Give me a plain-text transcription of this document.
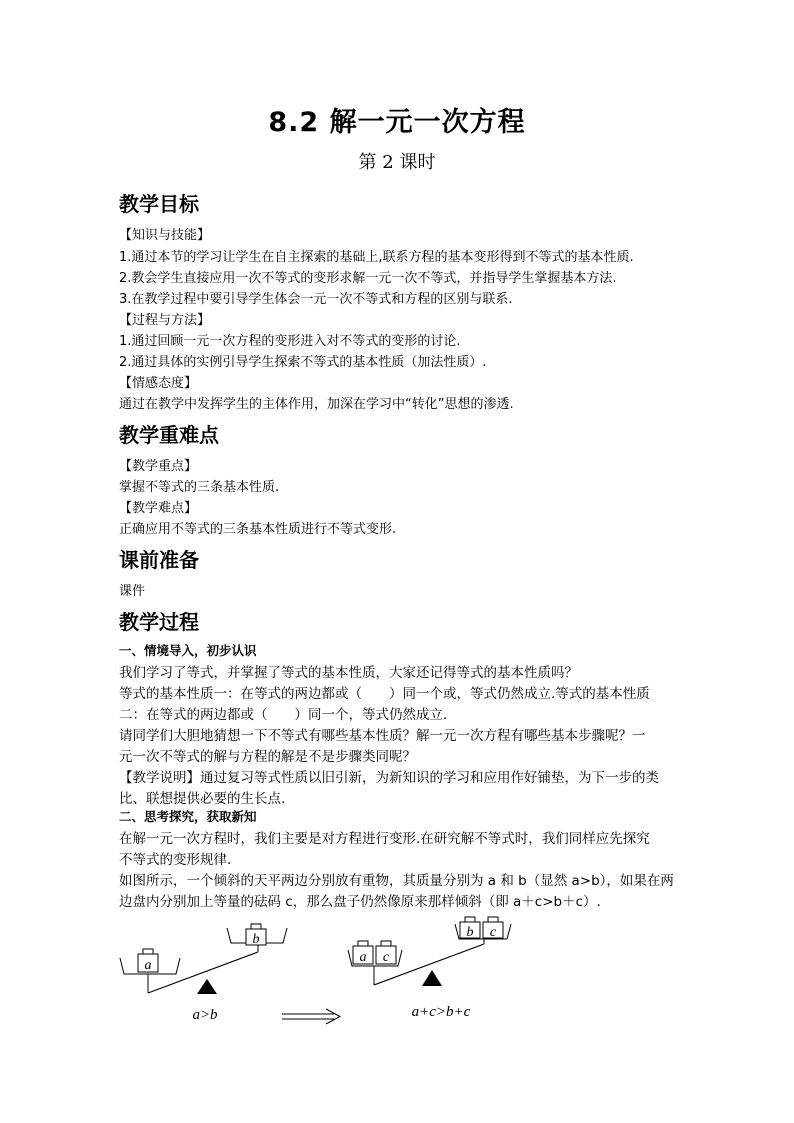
8.2 解一元一次方程
第 2 课时
教学目标
【知识与技能】
1.通过本节的学习让学生在自主探索的基础上,联系方程的基本变形得到不等式的基本性质.
2.教会学生直接应用一次不等式的变形求解一元一次不等式，并指导学生掌握基本方法.
3.在教学过程中要引导学生体会一元一次不等式和方程的区别与联系.
【过程与方法】
1.通过回顾一元一次方程的变形进入对不等式的变形的讨论.
2.通过具体的实例引导学生探索不等式的基本性质（加法性质）.
【情感态度】
通过在教学中发挥学生的主体作用，加深在学习中“转化”思想的渗透.
教学重难点
【教学重点】
掌握不等式的三条基本性质.
【教学难点】
正确应用不等式的三条基本性质进行不等式变形.
课前准备
课件
教学过程
一、情境导入，初步认识
我们学习了等式，并掌握了等式的基本性质，大家还记得等式的基本性质吗？
等式的基本性质一：在等式的两边都或（　　）同一个或，等式仍然成立.等式的基本性质
二：在等式的两边都或（　　）同一个，等式仍然成立.
请同学们大胆地猜想一下不等式有哪些基本性质？解一元一次方程有哪些基本步骤呢？一
元一次不等式的解与方程的解是不是步骤类同呢？
【教学说明】通过复习等式性质以旧引新，为新知识的学习和应用作好铺垫，为下一步的类
比、联想提供必要的生长点.
二、思考探究，获取新知
在解一元一次方程时，我们主要是对方程进行变形.在研究解不等式时，我们同样应先探究
不等式的变形规律.
如图所示，一个倾斜的天平两边分别放有重物，其质量分别为 a 和 b（显然 a>b），如果在两
边盘内分别加上等量的砝码 c，那么盘子仍然像原来那样倾斜（即 a＋c>b＋c）.
a
b
a>b
a c
b c
a+c>b+c
